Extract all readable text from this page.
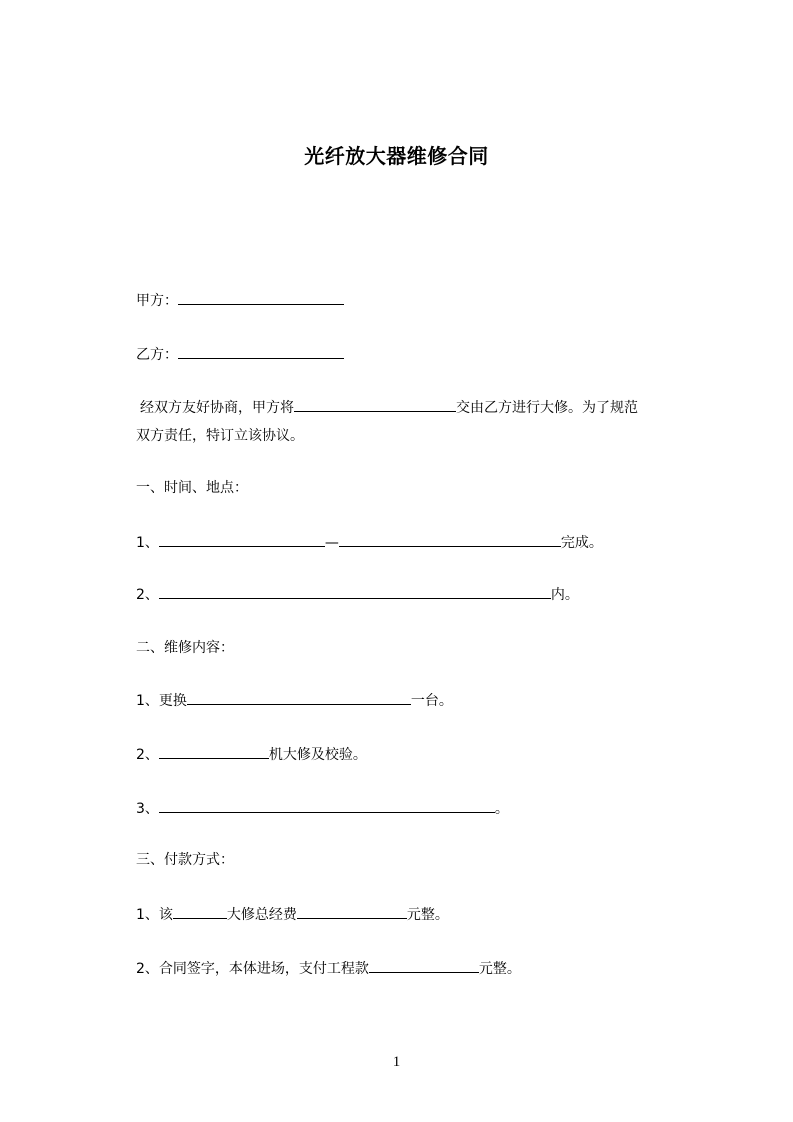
光纤放大器维修合同
甲方：
乙方：
经双方友好协商，甲方将	交由乙方进行大修。为了规范
双方责任，特订立该协议。
一、时间、地点：
1、	—	完成。
2、	内。
二、维修内容：
1、更换	一台。
2、	机大修及校验。
3、	。
三、付款方式：
1、该	大修总经费	元整。
2、合同签字，本体进场，支付工程款	元整。
1
